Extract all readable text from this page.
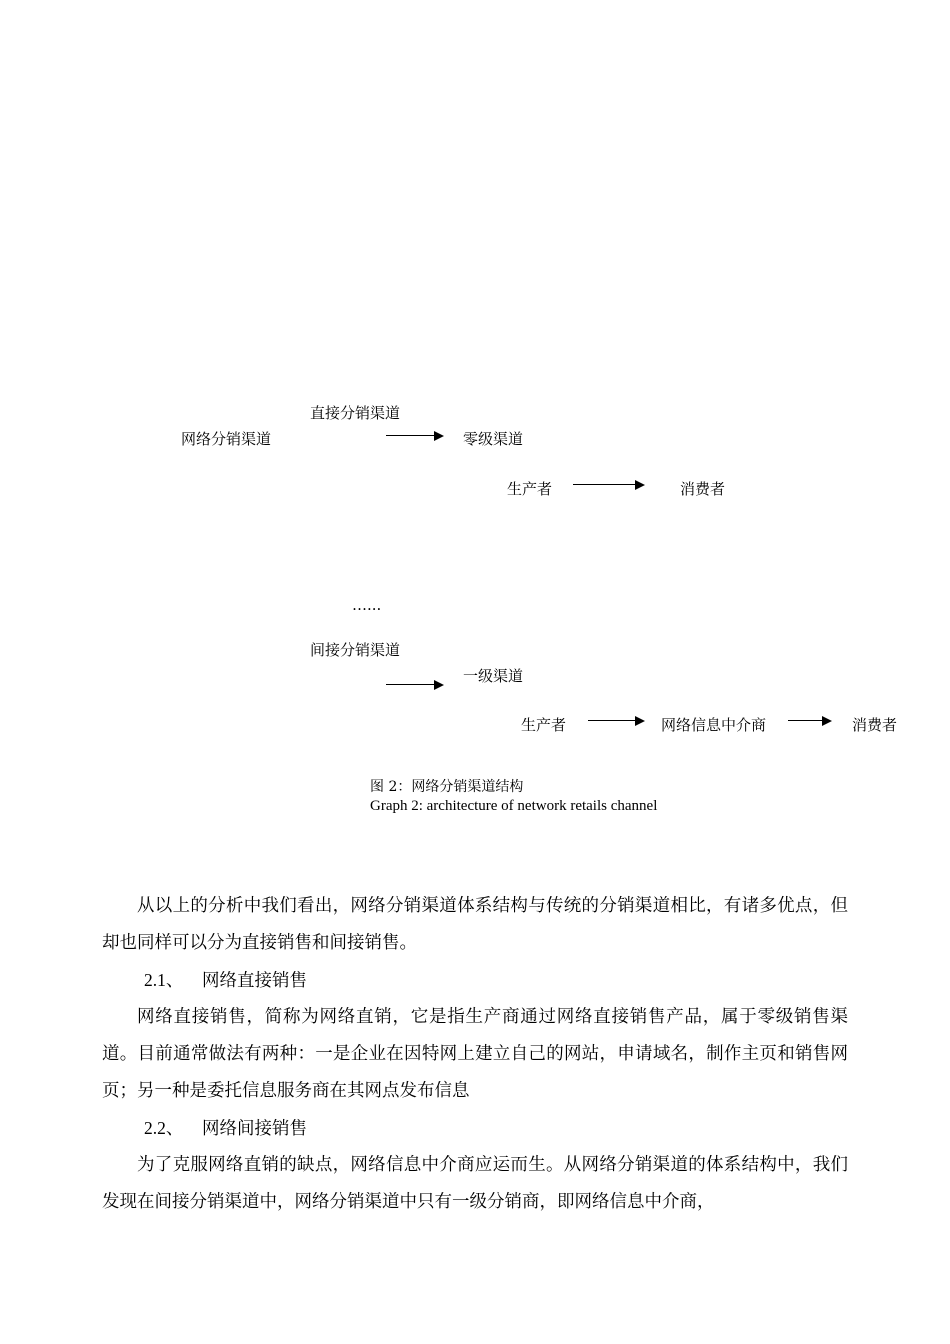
直接分销渠道
网络分销渠道	零级渠道
生产者	消费者
…...
间接分销渠道
一级渠道
生产者	网络信息中介商	消费者
图 2：网络分销渠道结构
Graph 2: architecture of network retails channel

从以上的分析中我们看出，网络分销渠道体系结构与传统的分销渠道相比，有诸多优点，但却也同样可以分为直接销售和间接销售。

2.1、 网络直接销售

网络直接销售，简称为网络直销，它是指生产商通过网络直接销售产品，属于零级销售渠道。目前通常做法有两种：一是企业在因特网上建立自己的网站，申请域名，制作主页和销售网页；另一种是委托信息服务商在其网点发布信息

2.2、 网络间接销售

为了克服网络直销的缺点，网络信息中介商应运而生。从网络分销渠道的体系结构中，我们发现在间接分销渠道中，网络分销渠道中只有一级分销商，即网络信息中介商，
